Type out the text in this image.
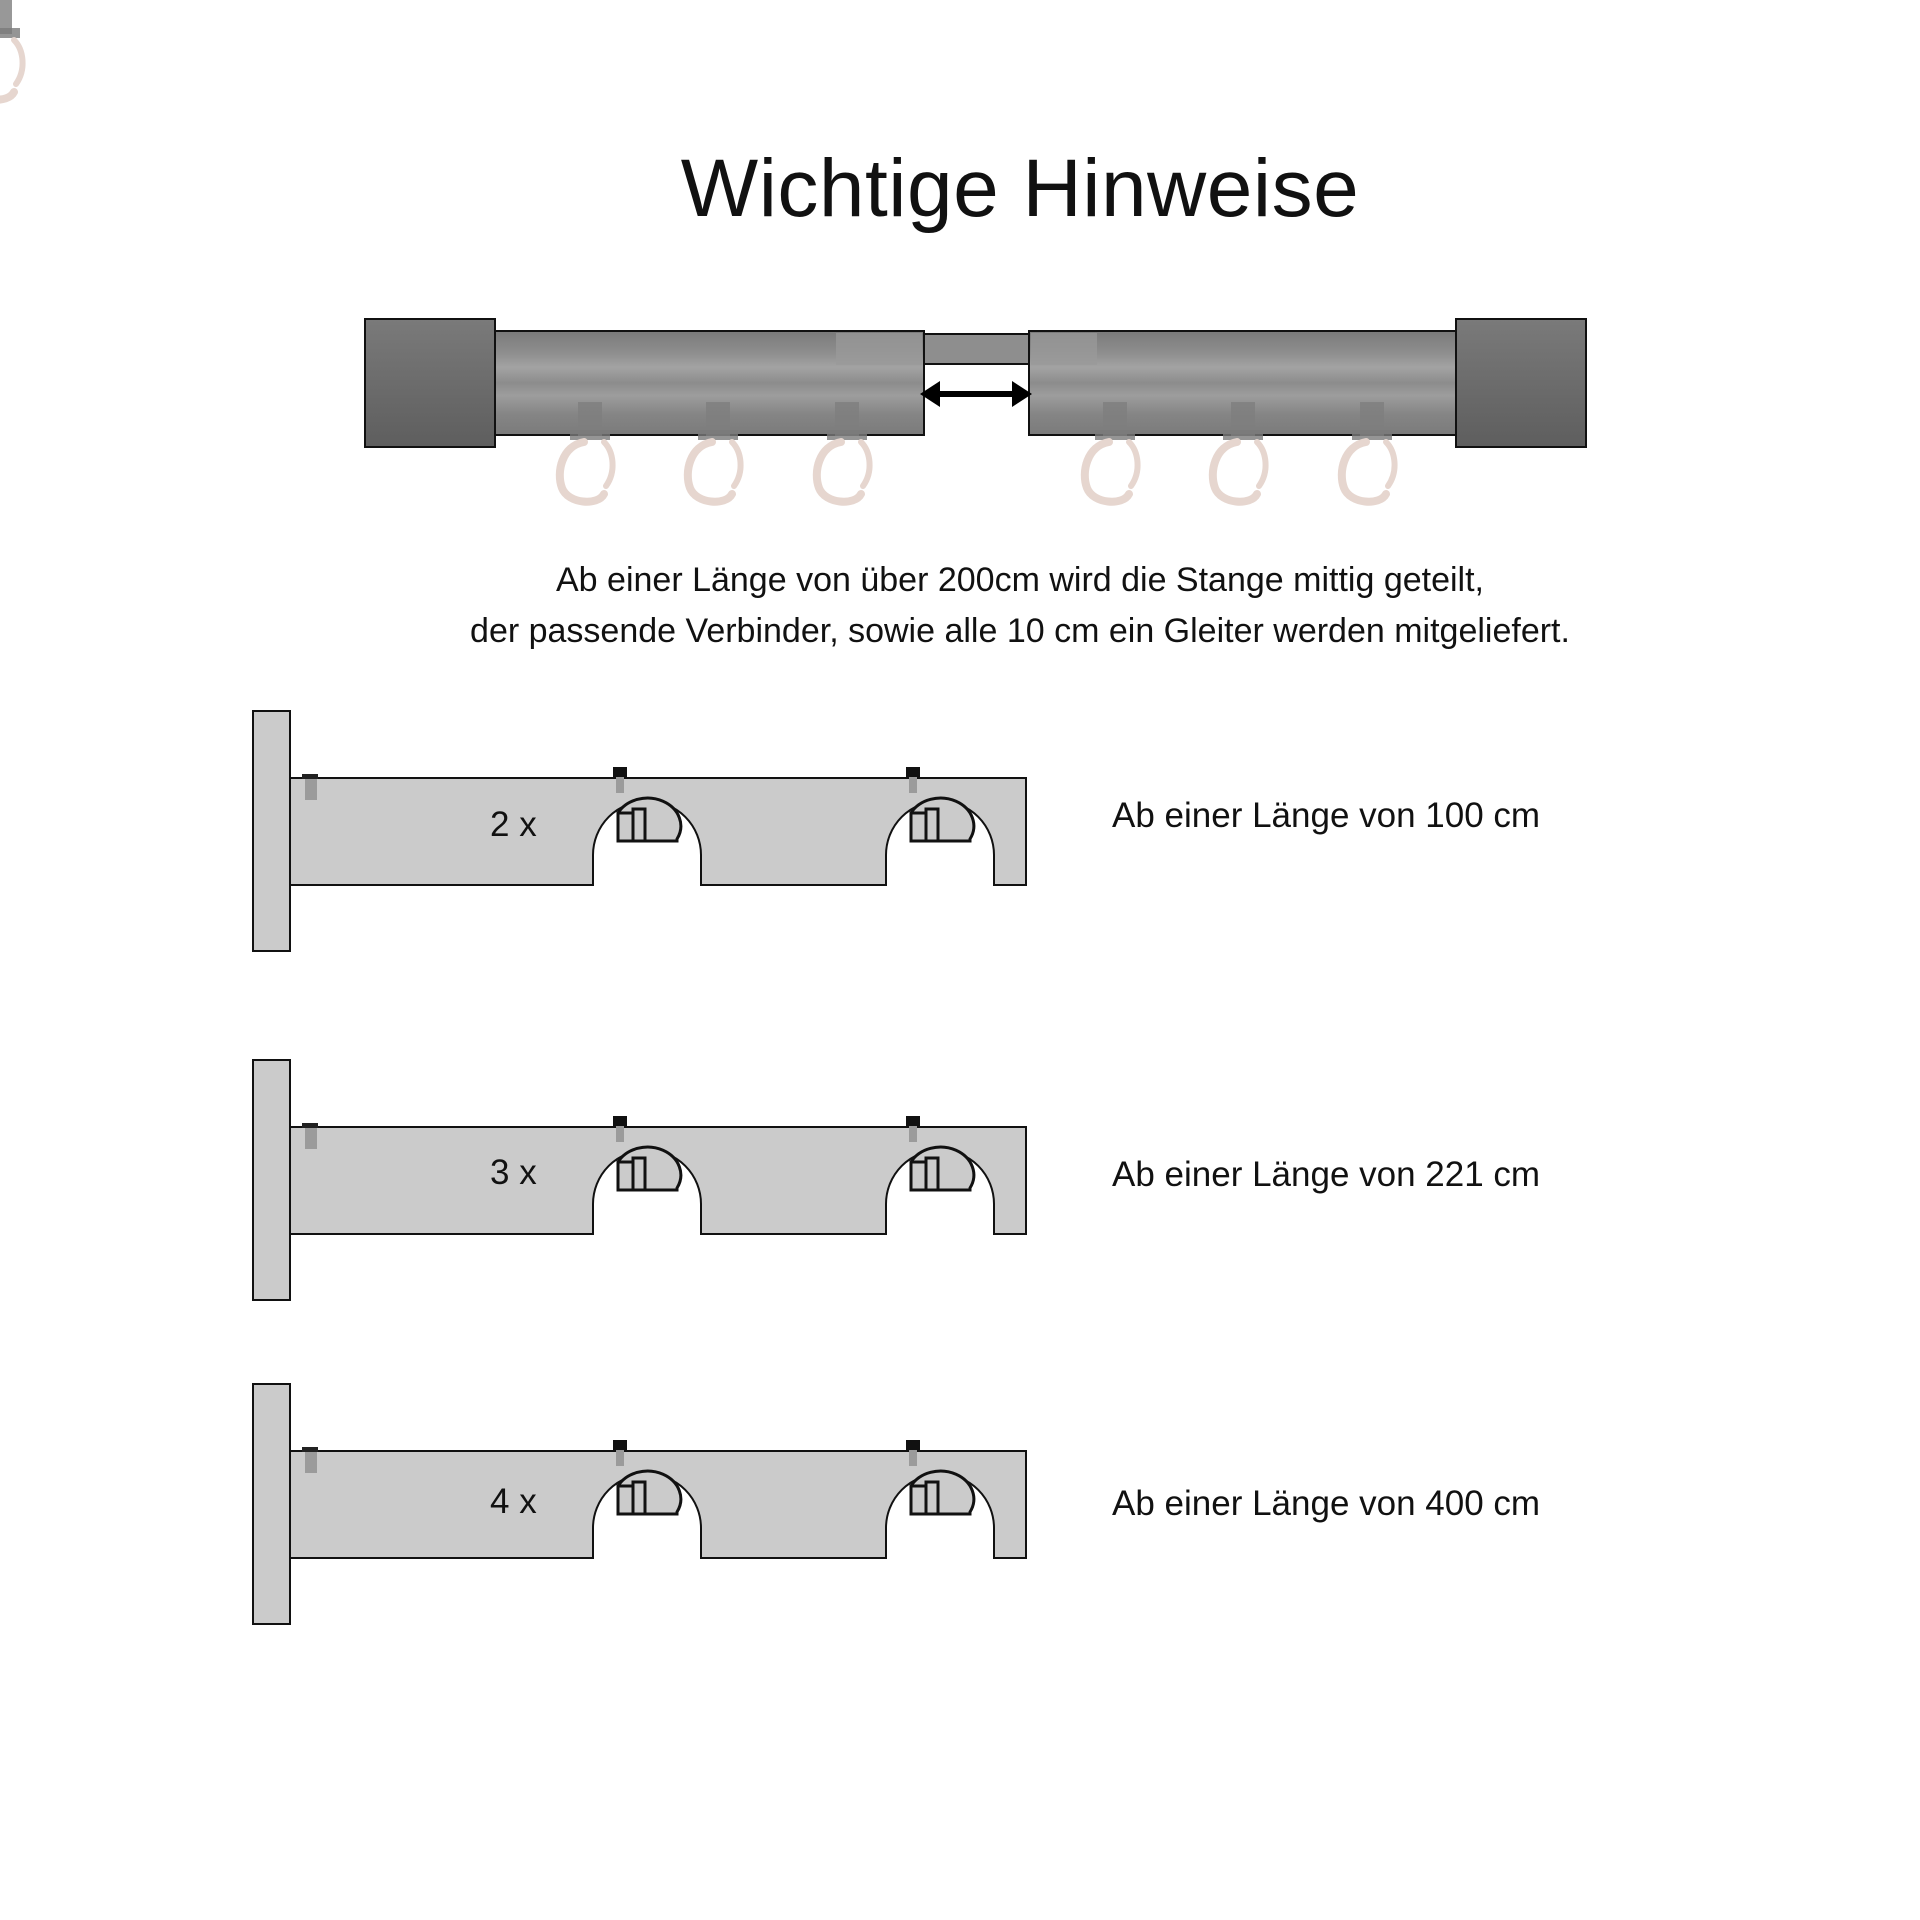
Wichtige Hinweise
Ab einer Länge von über 200cm wird die Stange mittig geteilt,
der passende Verbinder, sowie alle 10 cm ein Gleiter werden mitgeliefert.
2 x	Ab einer Länge von 100 cm
3 x	Ab einer Länge von 221 cm
4 x	Ab einer Länge von 400 cm
